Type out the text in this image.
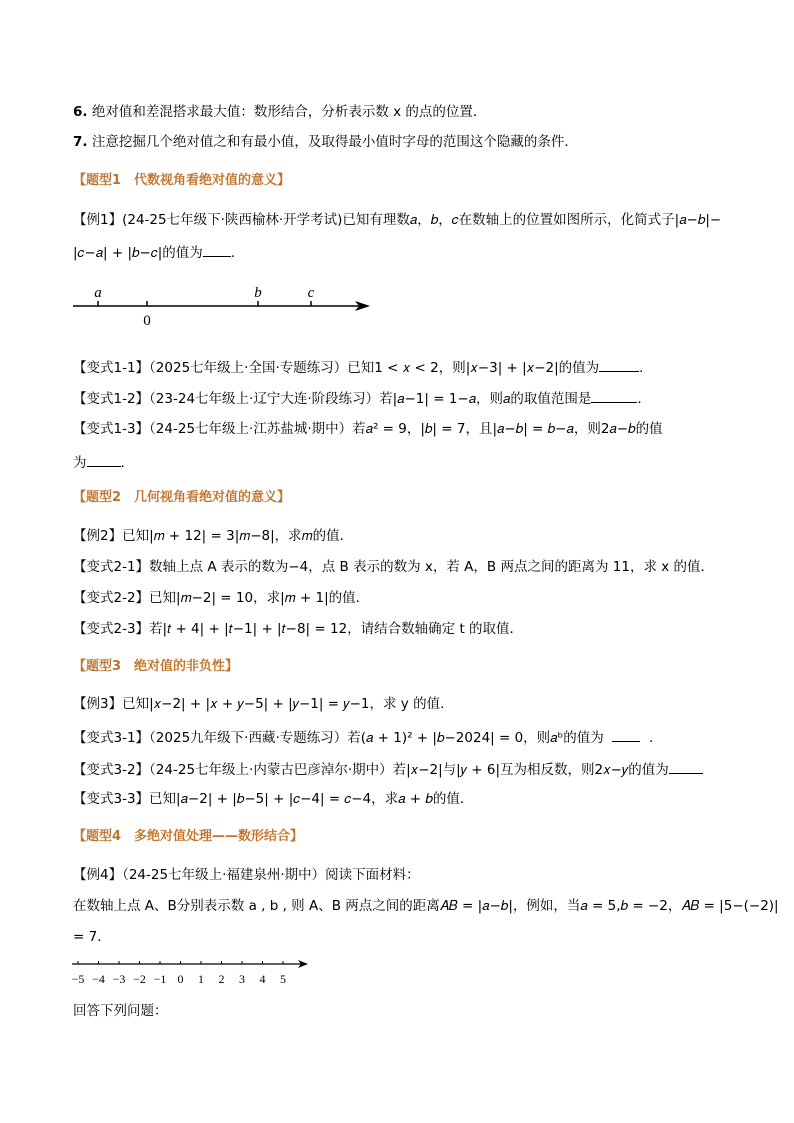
6. 绝对值和差混搭求最大值：数形结合，分析表示数 x 的点的位置．
7. 注意挖掘几个绝对值之和有最小值，及取得最小值时字母的范围这个隐藏的条件．
【题型1　代数视角看绝对值的意义】
【例1】(24-25七年级下·陕西榆林·开学考试)已知有理数𝑎，𝑏，𝑐在数轴上的位置如图所示，化简式子|𝑎−𝑏|−
|𝑐−𝑎| + |𝑏−𝑐|的值为 .
a	b	c
0
【变式1-1】（2025七年级上·全国·专题练习）已知1 < 𝑥 < 2，则|𝑥−3| + |𝑥−2|的值为	.
【变式1-2】（23-24七年级上·辽宁大连·阶段练习）若|𝑎−1| = 1−𝑎，则𝑎的取值范围是	.
【变式1-3】（24-25七年级上·江苏盐城·期中）若𝑎² = 9，|𝑏| = 7，且|𝑎−𝑏| = 𝑏−𝑎，则2𝑎−𝑏的值
为	.
【题型2　几何视角看绝对值的意义】
【例2】已知|𝑚 + 12| = 3|𝑚−8|，求𝑚的值．
【变式2-1】数轴上点 A 表示的数为−4，点 B 表示的数为 x，若 A，B 两点之间的距离为 11，求 x 的值．
【变式2-2】已知|𝑚−2| = 10，求|𝑚 + 1|的值．
【变式2-3】若|𝑡 + 4| + |𝑡−1| + |𝑡−8| = 12，请结合数轴确定 t 的取值．
【题型3　绝对值的非负性】
【例3】已知|𝑥−2| + |𝑥 + 𝑦−5| + |𝑦−1| = 𝑦−1，求 y 的值．
【变式3-1】（2025九年级下·西藏·专题练习）若(𝑎 + 1)² + |𝑏−2024| = 0，则𝑎ᵇ的值为	.
【变式3-2】（24-25七年级上·内蒙古巴彦淖尔·期中）若|𝑥−2|与|𝑦 + 6|互为相反数，则2𝑥−𝑦的值为
【变式3-3】已知|𝑎−2| + |𝑏−5| + |𝑐−4| = 𝑐−4，求𝑎 + 𝑏的值．
【题型4　多绝对值处理——数形结合】
【例4】（24-25七年级上·福建泉州·期中）阅读下面材料：
在数轴上点 A、B分别表示数 a , b , 则 A、B 两点之间的距离𝐴𝐵 = |𝑎−𝑏|，例如，当𝑎 = 5,𝑏 = −2，𝐴𝐵 = |5−(−2)|
= 7．
−5 −4 −3 −2 −1 0 1 2 3 4 5
回答下列问题：
